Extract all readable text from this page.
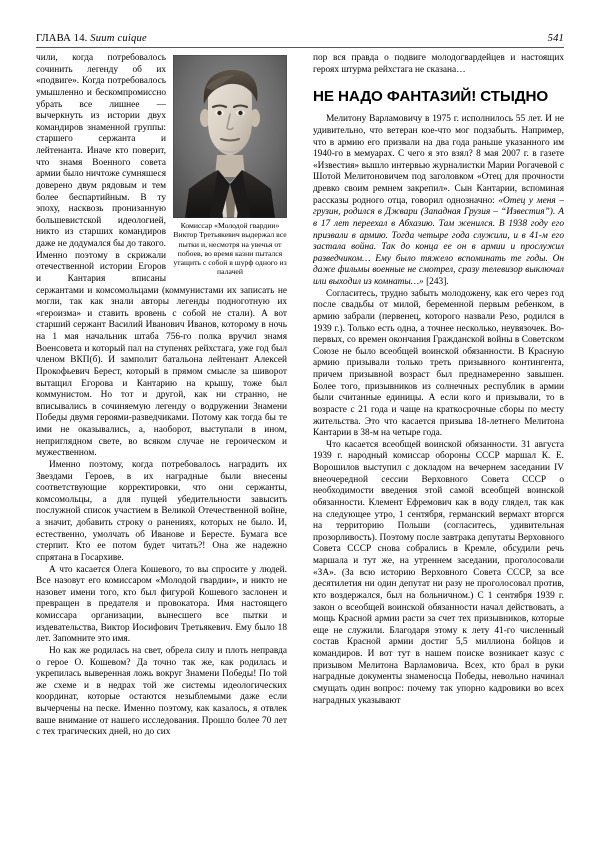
ГЛАВА 14. Suum cuique	541
Комиссар «Молодой гвардии» Виктор Третьякевич выдержал все пытки и, несмотря на увечья от побоев, во время казни пытался утащить с собой в шурф одного из палачей

чили, когда потребовалось сочинить легенду об их «подвиге». Когда потребовалось умышленно и бескомпромиссно убрать все лишнее — вычеркнуть из истории двух командиров знаменной группы: старшего сержанта и лейтенанта. Иначе кто поверит, что знамя Военного совета армии было ничтоже сумняшеся доверено двум рядовым и тем более беспартийным. В ту эпоху, насквозь пронизанную большевистской идеологией, никто из старших командиров даже не додумался бы до такого. Именно поэтому в скрижали отечественной истории Егоров и Кантария вписаны сержантами и комсомольцами (коммунистами их записать не могли, так как знали авторы легенды подноготную их «героизма» и ставить вровень с собой не стали). А вот старший сержант Василий Иванович Иванов, которому в ночь на 1 мая начальник штаба 756-го полка вручил знамя Военсовета и который пал на ступенях рейхстага, уже год был членом ВКП(б). И замполит батальона лейтенант Алексей Прокофьевич Берест, который в прямом смысле за шиворот вытащил Егорова и Кантарию на крышу, тоже был коммунистом. Но тот и другой, как ни странно, не вписывались в сочиняемую легенду о водружении Знамени Победы двумя героями-разведчиками. Потому как тогда бы те ими не оказывались, а, наоборот, выступали в ином, неприглядном свете, во всяком случае не героическом и мужественном.

Именно поэтому, когда потребовалось наградить их Звездами Героев, в их наградные были внесены соответствующие корректировки, что они сержанты, комсомольцы, а для пущей убедительности завысить послужной список участием в Великой Отечественной войне, а значит, добавить строку о ранениях, которых не было. И, естественно, умолчать об Иванове и Бересте. Бумага все стерпит. Кто ее потом будет читать?! Она же надежно спрятана в Госархиве.

А что касается Олега Кошевого, то вы спросите у людей. Все назовут его комиссаром «Молодой гвардии», и никто не назовет имени того, кто был фигурой Кошевого заслонен и превращен в предателя и провокатора. Имя настоящего комиссара организации, вынесшего все пытки и издевательства, Виктор Иосифович Третьякевич. Ему было 18 лет. Запомните это имя.

Но как же родилась на свет, обрела силу и плоть неправда о герое О. Кошевом? Да точно так же, как родилась и укрепилась выверенная ложь вокруг Знамени Победы! По той же схеме и в недрах той же системы идеологических координат, которые остаются незыблемыми даже если вычерчены на песке. Именно поэтому, как казалось, я отвлек ваше внимание от нашего исследования. Прошло более 70 лет с тех трагических дней, но до сих

пор вся правда о подвиге молодогвардейцев и настоящих героях штурма рейхстага не сказана…

НЕ НАДО ФАНТАЗИЙ! СТЫДНО

Мелитону Варламовичу в 1975 г. исполнилось 55 лет. И не удивительно, что ветеран кое-что мог подзабыть. Например, что в армию его призвали на два года раньше указанного им 1940-го в мемуарах. С чего я это взял? 8 мая 2007 г. в газете «Известия» вышло интервью журналистки Марии Рогачевой с Шотой Мелитоновичем под заголовком «Отец для прочности древко своим ремнем закрепил». Сын Кантарии, вспоминая рассказы родного отца, говорил однозначно: «Отец у меня – грузин, родился в Джвари (Западная Грузия – “Известия”). А в 17 лет переехал в Абхазию. Там женился. В 1938 году его призвали в армию. Тогда четыре года служили, и в 41-м его застала война. Так до конца ее он в армии и прослужил разведчиком… Ему было тяжело вспоминать те годы. Он даже фильмы военные не смотрел, сразу телевизор выключал или выходил из комнаты…» [243].

Согласитесь, трудно забыть молодожену, как его через год после свадьбы от милой, беременной первым ребенком, в армию забрали (первенец, которого назвали Резо, родился в 1939 г.). Только есть одна, а точнее несколько, неувязочек. Во-первых, со времен окончания Гражданской войны в Советском Союзе не было всеобщей воинской обязанности. В Красную армию призывали только треть призывного контингента, причем призывной возраст был преднамеренно завышен. Более того, призывников из солнечных республик в армии были считанные единицы. А если кого и призывали, то в возрасте с 21 года и чаще на краткосрочные сборы по месту жительства. Это что касается призыва 18-летнего Мелитона Кантарии в 38-м на четыре года.

Что касается всеобщей воинской обязанности. 31 августа 1939 г. народный комиссар обороны СССР маршал К. Е. Ворошилов выступил с докладом на вечернем заседании IV внеочередной сессии Верховного Совета СССР о необходимости введения этой самой всеобщей воинской обязанности. Клемент Ефремович как в воду глядел, так как на следующее утро, 1 сентября, германский вермахт вторгся на территорию Польши (согласитесь, удивительная прозорливость). Поэтому после завтрака депутаты Верховного Совета СССР снова собрались в Кремле, обсудили речь маршала и тут же, на утреннем заседании, проголосовали «ЗА». (За всю историю Верховного Совета СССР, за все десятилетия ни один депутат ни разу не проголосовал против, кто воздержался, был на больничном.) С 1 сентября 1939 г. закон о всеобщей воинской обязанности начал действовать, а мощь Красной армии расти за счет тех призывников, которые еще не служили. Благодаря этому к лету 41-го численный состав Красной армии достиг 5,5 миллиона бойцов и командиров. И вот тут в нашем поиске возникает казус с призывом Мелитона Варламовича. Всех, кто брал в руки наградные документы знаменосца Победы, невольно начинал смущать один вопрос: почему так упорно кадровики во всех наградных указывают
